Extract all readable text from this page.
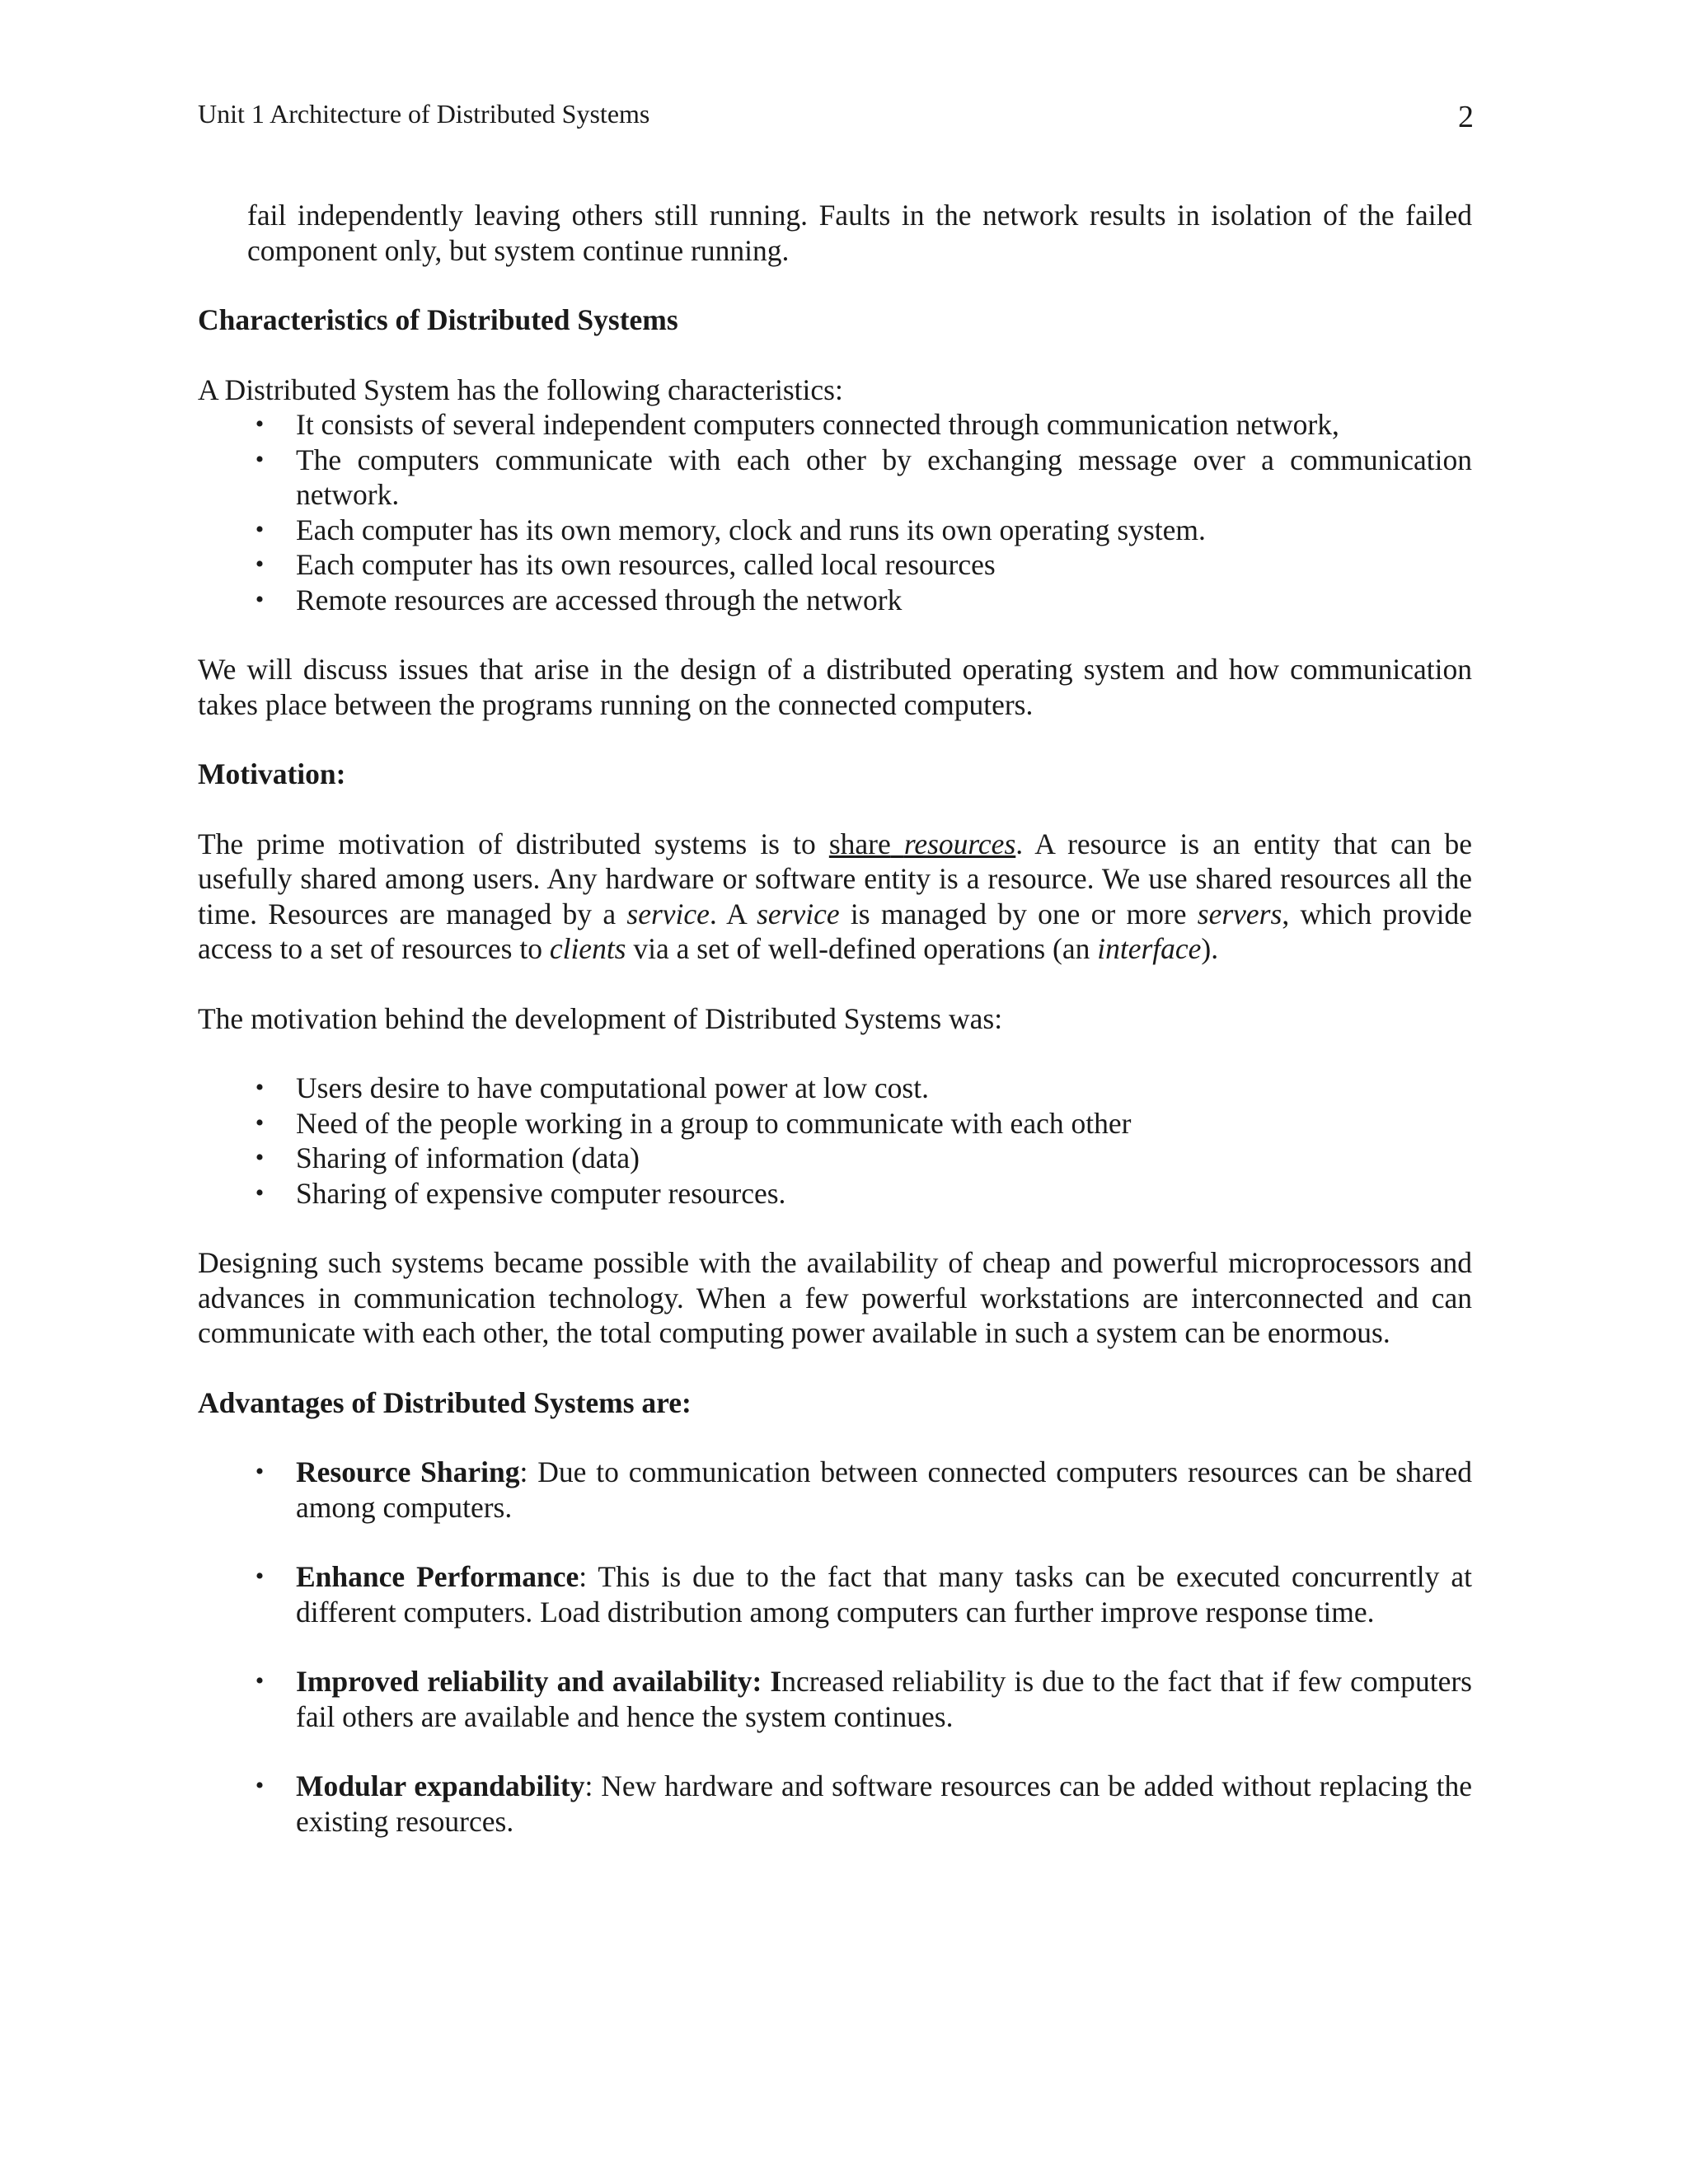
Unit 1 Architecture of Distributed Systems	2

fail independently leaving others still running. Faults in the network results in isolation of the failed component only, but system continue running.

Characteristics of Distributed Systems

A Distributed System has the following characteristics:

• It consists of several independent computers connected through communication network,
• The computers communicate with each other by exchanging message over a communication network.
• Each computer has its own memory, clock and runs its own operating system.
• Each computer has its own resources, called local resources
• Remote resources are accessed through the network

We will discuss issues that arise in the design of a distributed operating system and how communication takes place between the programs running on the connected computers.

Motivation:

The prime motivation of distributed systems is to share resources. A resource is an entity that can be usefully shared among users. Any hardware or software entity is a resource. We use shared resources all the time. Resources are managed by a service. A service is managed by one or more servers, which provide access to a set of resources to clients via a set of well-defined operations (an interface).

The motivation behind the development of Distributed Systems was:

• Users desire to have computational power at low cost.
• Need of the people working in a group to communicate with each other
• Sharing of information (data)
• Sharing of expensive computer resources.

Designing such systems became possible with the availability of cheap and powerful microprocessors and advances in communication technology. When a few powerful workstations are interconnected and can communicate with each other, the total computing power available in such a system can be enormous.

Advantages of Distributed Systems are:

• Resource Sharing: Due to communication between connected computers resources can be shared among computers.
• Enhance Performance: This is due to the fact that many tasks can be executed concurrently at different computers. Load distribution among computers can further improve response time.
• Improved reliability and availability: Increased reliability is due to the fact that if few computers fail others are available and hence the system continues.
• Modular expandability: New hardware and software resources can be added without replacing the existing resources.
